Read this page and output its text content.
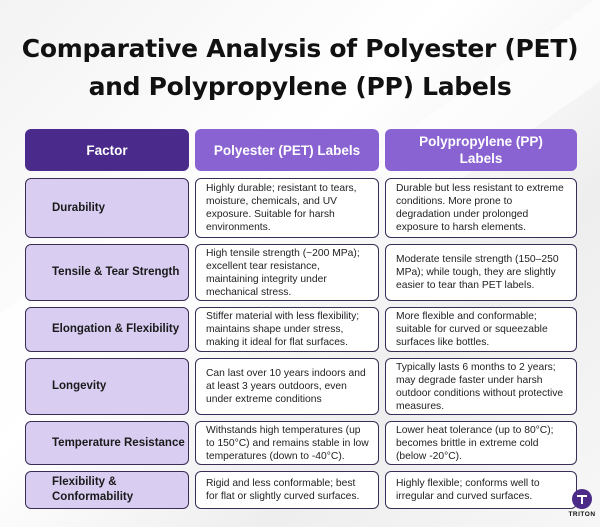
Comparative Analysis of Polyester (PET)
and Polypropylene (PP) Labels
Factor	Polyester (PET) Labels
Polypropylene (PP) Labels
Durability
Highly durable; resistant to tears, moisture, chemicals, and UV exposure. Suitable for harsh environments.
Durable but less resistant to extreme conditions. More prone to degradation under prolonged exposure to harsh elements.
Tensile & Tear Strength
High tensile strength (~200 MPa); excellent tear resistance, maintaining integrity under mechanical stress.
Moderate tensile strength (150–250 MPa); while tough, they are slightly easier to tear than PET labels.
Elongation & Flexibility
Stiffer material with less flexibility; maintains shape under stress, making it ideal for flat surfaces.
More flexible and conformable; suitable for curved or squeezable surfaces like bottles.
Longevity
Can last over 10 years indoors and at least 3 years outdoors, even under extreme conditions
Typically lasts 6 months to 2 years; may degrade faster under harsh outdoor conditions without protective measures.
Temperature Resistance
Withstands high temperatures (up to 150°C) and remains stable in low temperatures (down to -40°C).
Lower heat tolerance (up to 80°C); becomes brittle in extreme cold (below -20°C).
Flexibility & Conformability
Rigid and less conformable; best for flat or slightly curved surfaces.
Highly flexible; conforms well to irregular and curved surfaces.
TRITON
